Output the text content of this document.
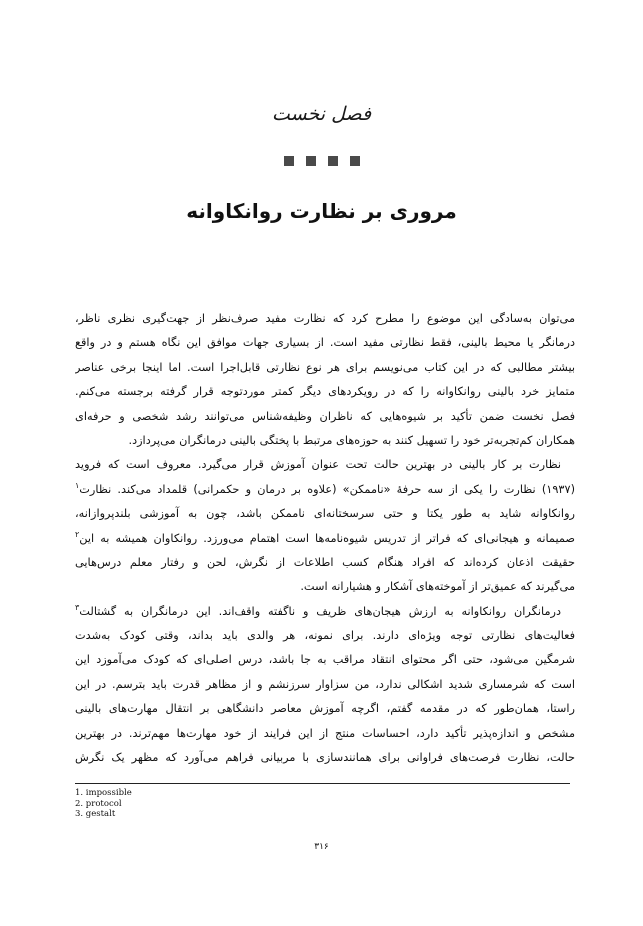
فصل نخست
مروری بر نظارت روانکاوانه
می‌توان به‌سادگی این موضوع را مطرح کرد که نظارت مفید صرف‌نظر از جهت‌گیری نظری ناظر،
درمانگر یا محیط بالینی، فقط نظارتی مفید است. از بسیاری جهات موافق این نگاه هستم و در واقع
بیشتر مطالبی که در این کتاب می‌نویسم برای هر نوع نظارتی قابل‌اجرا است. اما اینجا برخی عناصر
متمایز خرد بالینی روانکاوانه را که در رویکردهای دیگر کمتر موردتوجه قرار گرفته برجسته می‌کنم.
فصل نخست ضمن تأکید بر شیوه‌هایی که ناظران وظیفه‌شناس می‌توانند رشد شخصی و حرفه‌ای
همکاران کم‌تجربه‌تر خود را تسهیل کنند به حوزه‌های مرتبط با پختگی بالینی درمانگران می‌پردازد.
نظارت بر کار بالینی در بهترین حالت تحت عنوان آموزش قرار می‌گیرد. معروف است که فروید
(۱۹۳۷) نظارت را یکی از سه حرفهٔ «ناممکن» (علاوه بر درمان و حکمرانی) قلمداد می‌کند. نظارت$^۱$
روانکاوانه شاید به طور یکتا و حتی سرسختانه‌ای ناممکن باشد، چون به آموزشی بلندپروازانه،
صمیمانه و هیجانی‌ای که فراتر از تدریس شیوه‌نامه‌ها است اهتمام می‌ورزد. روانکاوان همیشه به این$^۲$
حقیقت اذعان کرده‌اند که افراد هنگام کسب اطلاعات از نگرش، لحن و رفتار معلم درس‌هایی
می‌گیرند که عمیق‌تر از آموخته‌های آشکار و هشیارانه است.
درمانگران روانکاوانه به ارزش هیجان‌های ظریف و ناگفته واقف‌اند. این درمانگران به گشتالت$^۳$
فعالیت‌های نظارتی توجه ویژه‌ای دارند. برای نمونه، هر والدی باید بداند، وقتی کودک به‌شدت
شرمگین می‌شود، حتی اگر محتوای انتقاد مراقب به جا باشد، درس اصلی‌ای که کودک می‌آموزد این
است که شرمساری شدید اشکالی ندارد، من سزاوار سرزنشم و از مظاهر قدرت باید بترسم. در این
راستا، همان‌طور که در مقدمه گفتم، اگرچه آموزش معاصر دانشگاهی بر انتقال مهارت‌های بالینی
مشخص و اندازه‌پذیر تأکید دارد، احساسات منتج از این فرایند از خود مهارت‌ها مهم‌ترند. در بهترین
حالت، نظارت فرصت‌های فراوانی برای همانندسازی با مربیانی فراهم می‌آورد که مظهر یک نگرش
1. impossible
2. protocol
3. gestalt
۳۱۶
